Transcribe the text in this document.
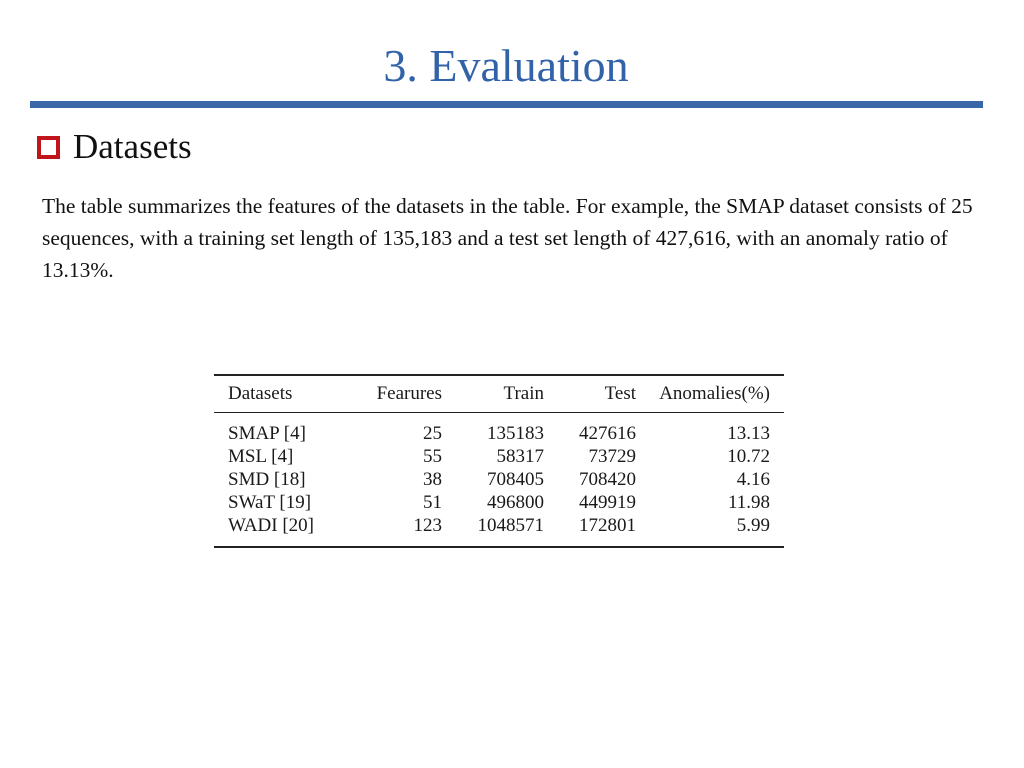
3. Evaluation
Datasets

The table summarizes the features of the datasets in the table. For example, the SMAP dataset consists of 25 sequences, with a training set length of 135,183 and a test set length of 427,616, with an anomaly ratio of 13.13%.

Datasets	Fearures	Train	Test	Anomalies(%)
SMAP [4]	25	135183	427616	13.13
MSL [4]	55	58317	73729	10.72
SMD [18]	38	708405	708420	4.16
SWaT [19]	51	496800	449919	11.98
WADI [20]	123	1048571	172801	5.99
